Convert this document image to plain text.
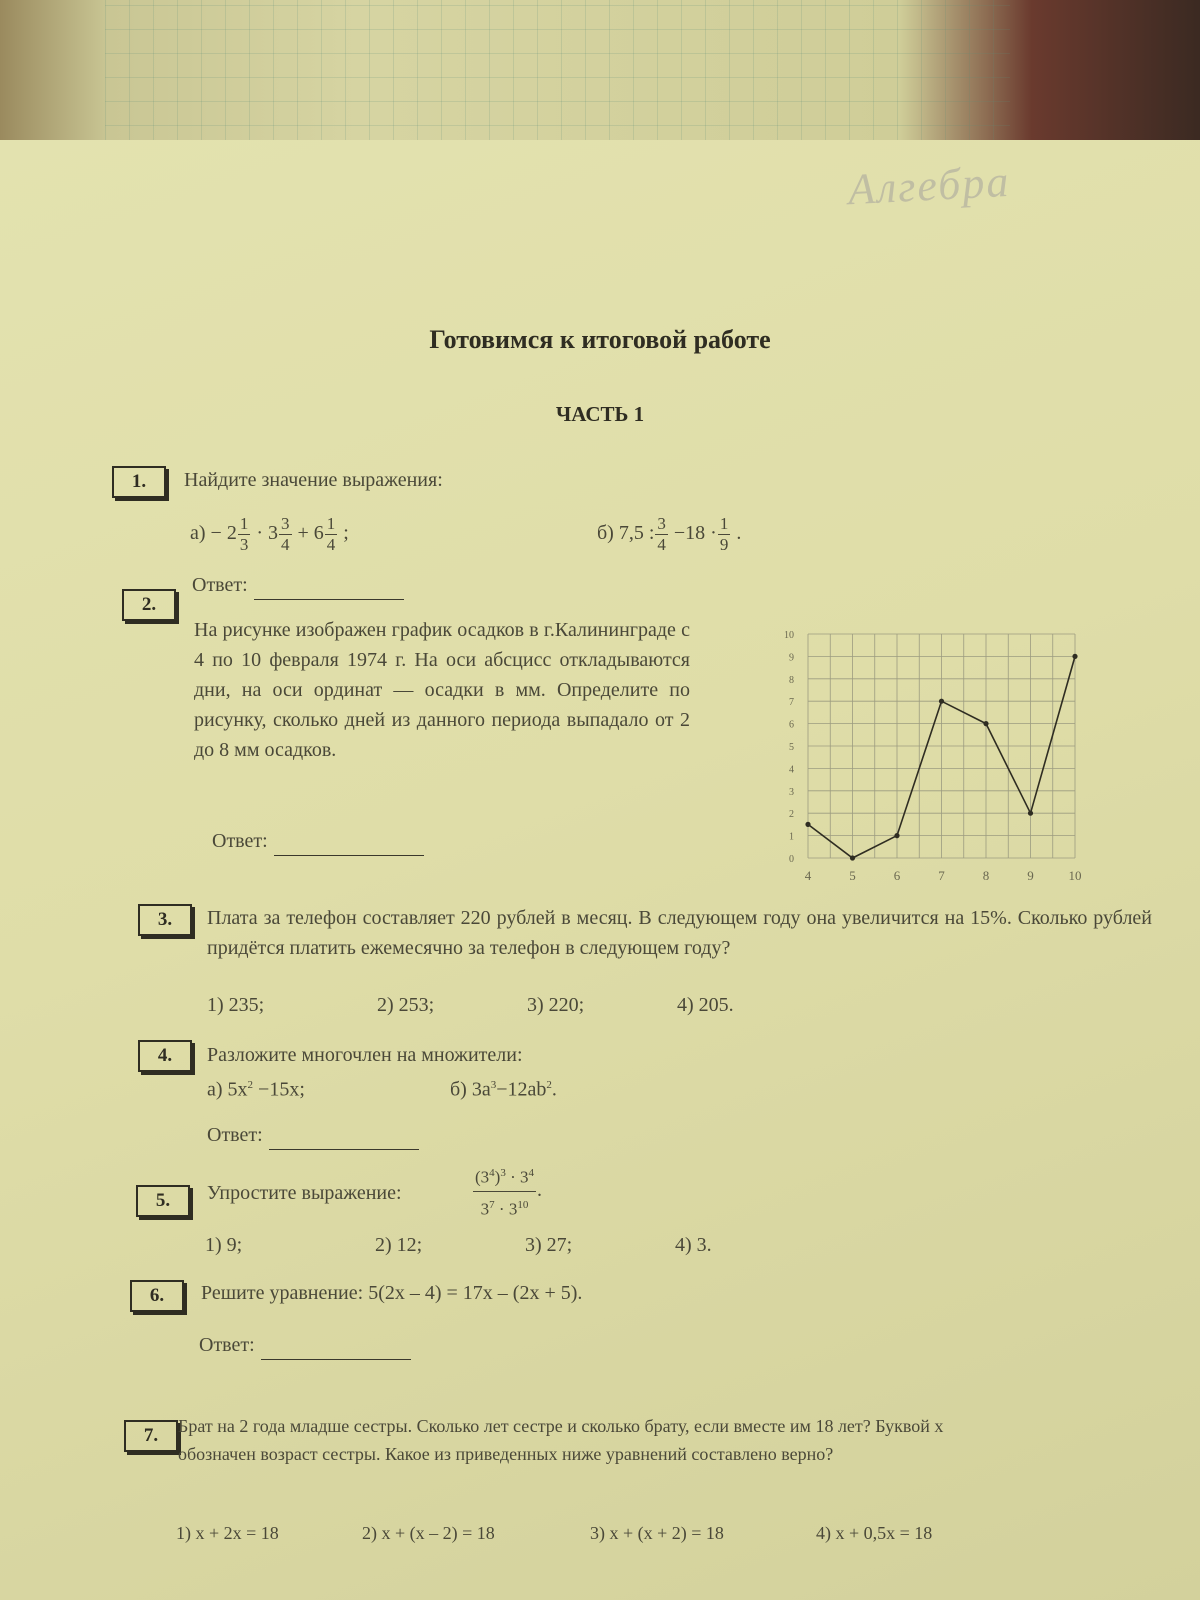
Алгебра
Готовимся к итоговой работе
ЧАСТЬ 1
1.	Найдите значение выражения:
$а) - 2 \frac{1}{3} \cdot 3 \frac{3}{4} + 6 \frac{1}{4}$ ;	б) 7,5 : $\frac{3}{4} -18 \cdot \frac{1}{9}$ .
Ответ:
2.
На рисунке изображен график осадков в г.Калининграде с 4 по 10 февраля 1974 г. На оси абсцисс откладываются дни, на оси ординат — осадки в мм. Определите по рисунку, сколько дней из данного периода выпадало от 2 до 8 мм осадков.
Ответ:
0
1
2
3
4
5
6
7
8
9
10
4	5	6	7	8	9	10
3.	Плата за телефон составляет 220 рублей в месяц. В следующем году она увеличится на 15%. Сколько рублей придётся платить ежемесячно за телефон в следующем году?
1) 235;	2) 253;	3) 220;	4) 205.
4.	Разложите многочлен на множители:
а) $5x^2 -15x$;	б) $3a^3-12ab^2$.
Ответ:
5.	Упростите выражение:	$\frac{(3^4)^3 \cdot 3^4}{3^7 \cdot 3^{10}}$ .
1) 9;	2) 12;	3) 27;	4) 3.
6.	Решите уравнение: 5(2x – 4) = 17x – (2x + 5).
Ответ:
7.	Брат на 2 года младше сестры. Сколько лет сестре и сколько брату, если вместе им 18 лет? Буквой x обозначен возраст сестры. Какое из приведенных ниже уравнений составлено верно?
1) x + 2x = 18	2) x + (x – 2) = 18	3) x + (x + 2) = 18	4) x + 0,5x = 18
